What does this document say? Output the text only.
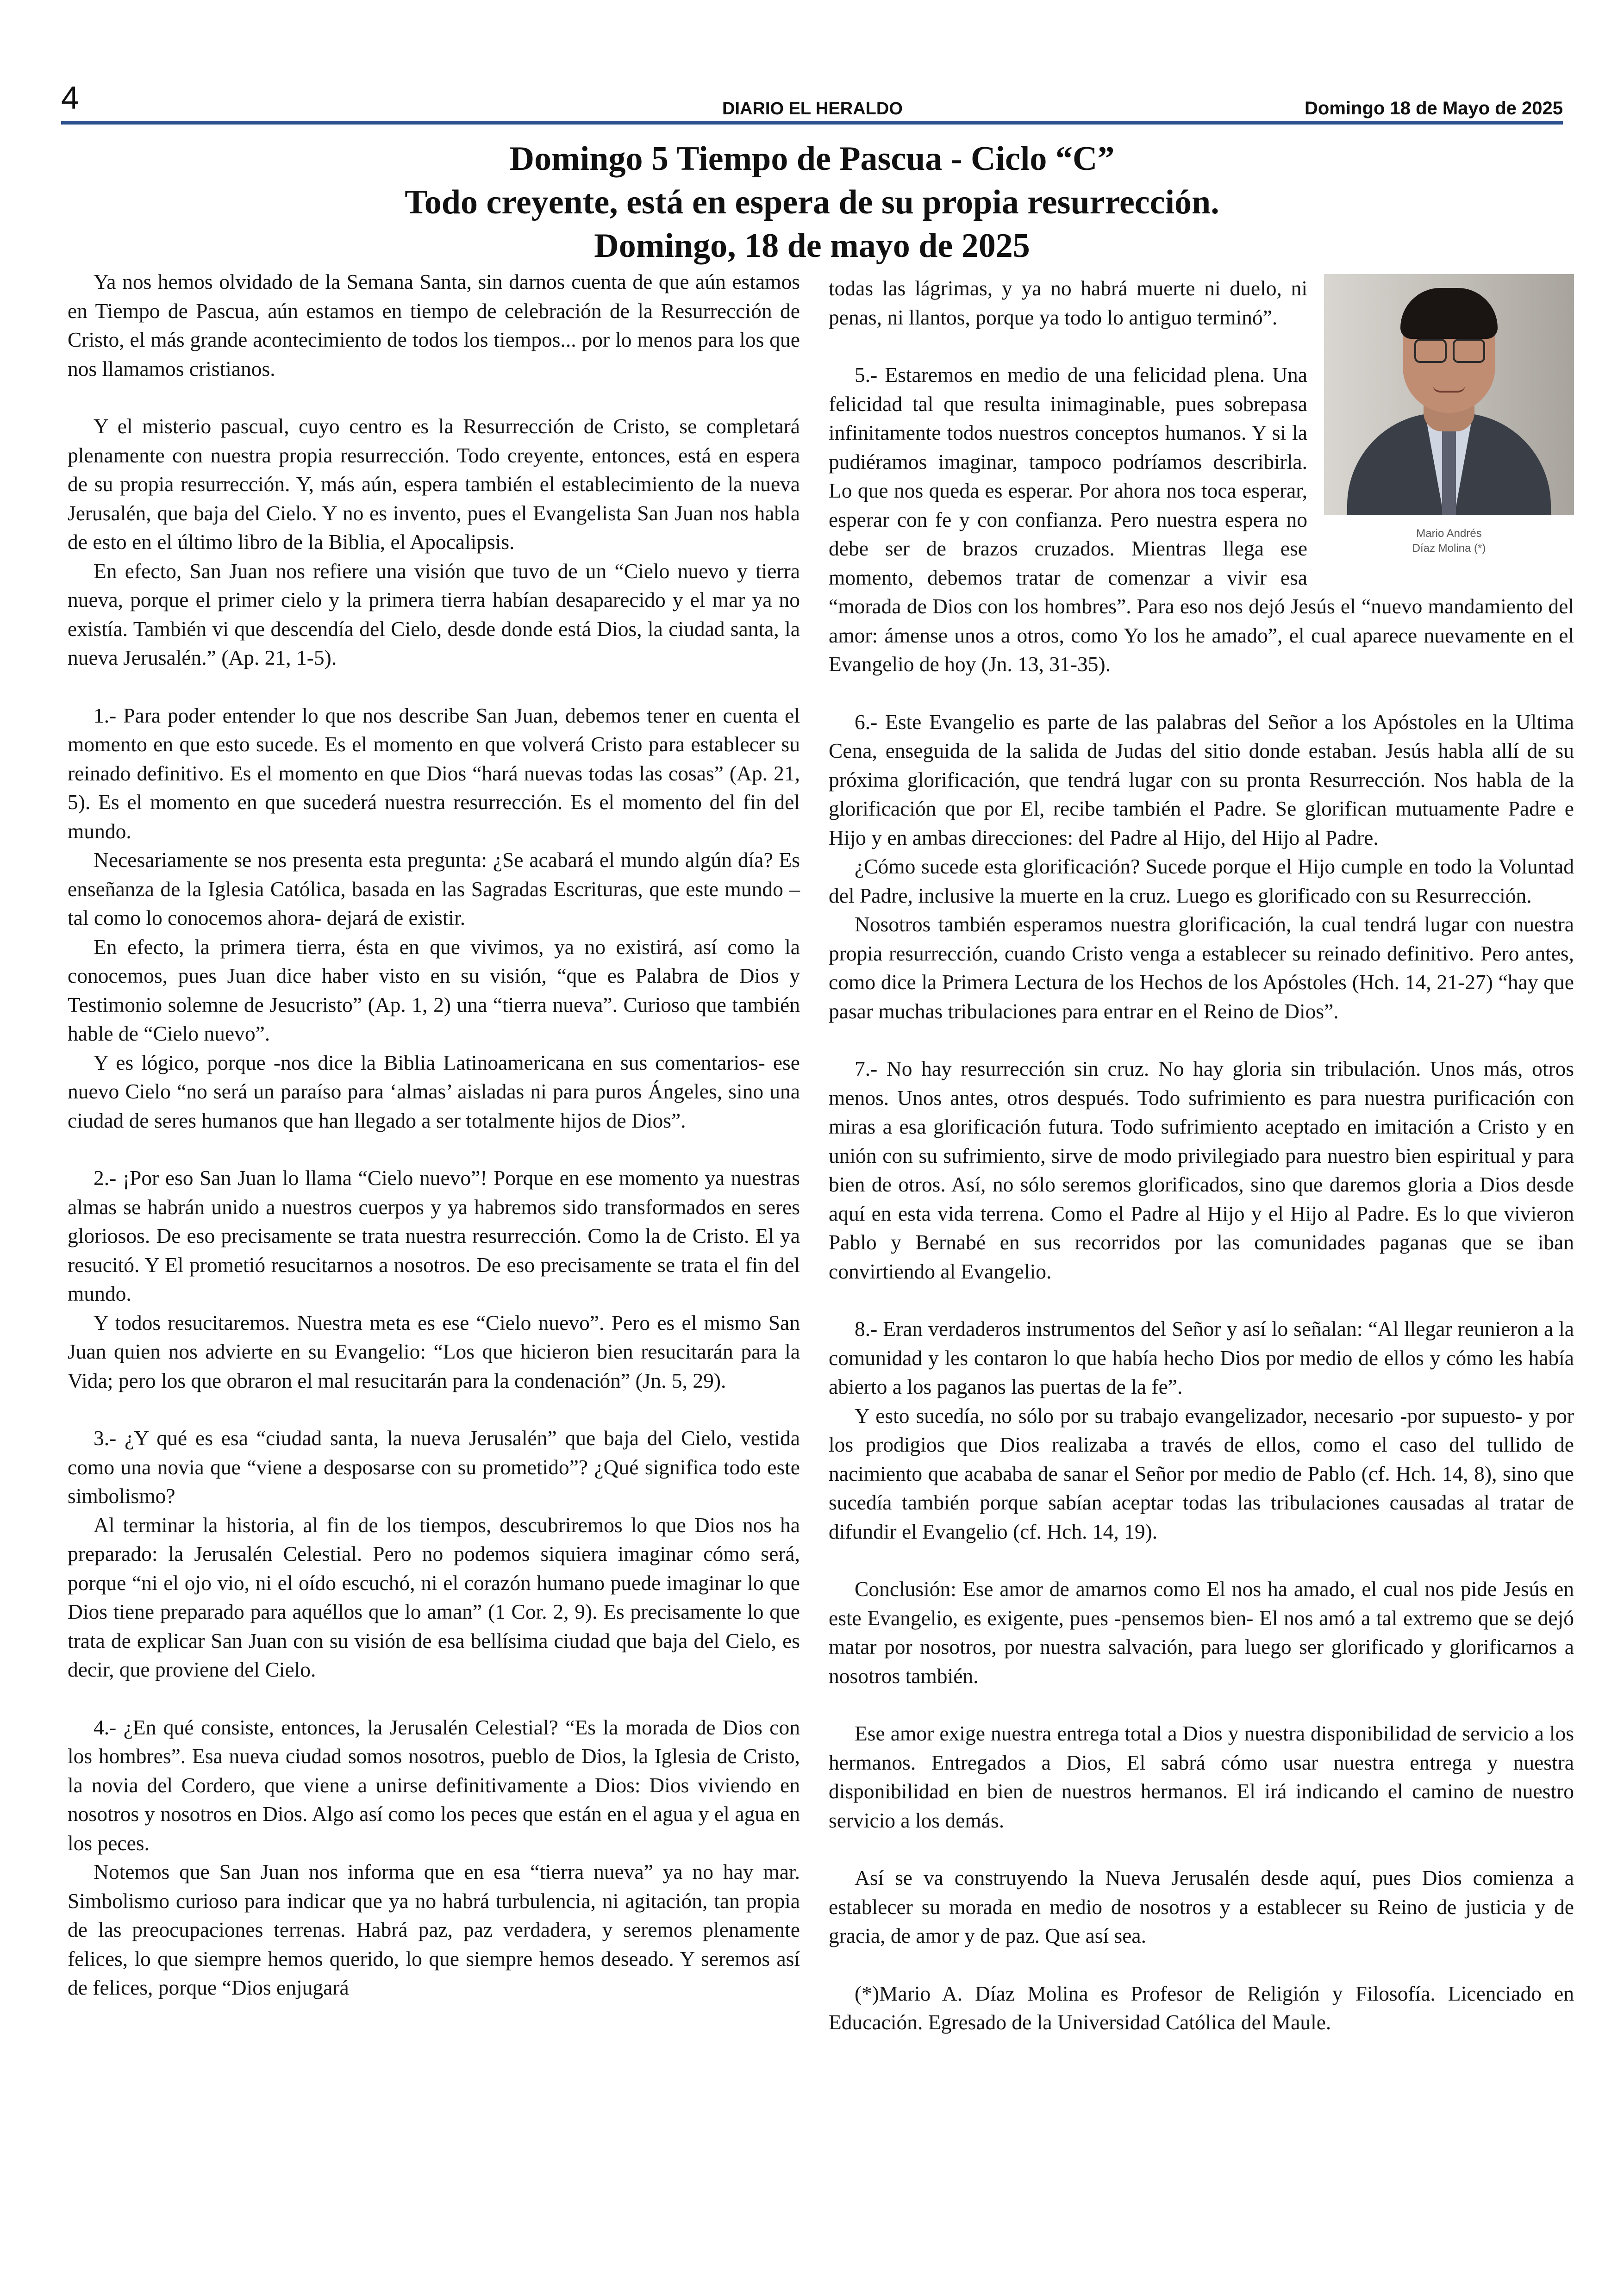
4	DIARIO EL HERALDO	Domingo 18 de Mayo de 2025
Domingo 5 Tiempo de Pascua - Ciclo “C”
Todo creyente, está en espera de su propia resurrección.
Domingo, 18 de mayo de 2025

Ya nos hemos olvidado de la Semana Santa, sin darnos cuenta de que aún estamos en Tiempo de Pascua, aún estamos en tiempo de celebración de la Resurrección de Cristo, el más grande acontecimiento de todos los tiempos... por lo menos para los que nos llamamos cristianos.

Y el misterio pascual, cuyo centro es la Resurrección de Cristo, se completará plenamente con nuestra propia resurrección. Todo creyente, entonces, está en espera de su propia resurrección. Y, más aún, espera también el establecimiento de la nueva Jerusalén, que baja del Cielo. Y no es invento, pues el Evangelista San Juan nos habla de esto en el último libro de la Biblia, el Apocalipsis.

En efecto, San Juan nos refiere una visión que tuvo de un “Cielo nuevo y tierra nueva, porque el primer cielo y la primera tierra habían desaparecido y el mar ya no existía. También vi que descendía del Cielo, desde donde está Dios, la ciudad santa, la nueva Jerusalén.” (Ap. 21, 1-5).

1.- Para poder entender lo que nos describe San Juan, debemos tener en cuenta el momento en que esto sucede. Es el momento en que volverá Cristo para establecer su reinado definitivo. Es el momento en que Dios “hará nuevas todas las cosas” (Ap. 21, 5). Es el momento en que sucederá nuestra resurrección. Es el momento del fin del mundo.

Necesariamente se nos presenta esta pregunta: ¿Se acabará el mundo algún día? Es enseñanza de la Iglesia Católica, basada en las Sagradas Escrituras, que este mundo –tal como lo conocemos ahora- dejará de existir.

En efecto, la primera tierra, ésta en que vivimos, ya no existirá, así como la conocemos, pues Juan dice haber visto en su visión, “que es Palabra de Dios y Testimonio solemne de Jesucristo” (Ap. 1, 2) una “tierra nueva”. Curioso que también hable de “Cielo nuevo”.

Y es lógico, porque -nos dice la Biblia Latinoamericana en sus comentarios- ese nuevo Cielo “no será un paraíso para ‘almas’ aisladas ni para puros Ángeles, sino una ciudad de seres humanos que han llegado a ser totalmente hijos de Dios”.

2.- ¡Por eso San Juan lo llama “Cielo nuevo”! Porque en ese momento ya nuestras almas se habrán unido a nuestros cuerpos y ya habremos sido transformados en seres gloriosos. De eso precisamente se trata nuestra resurrección. Como la de Cristo. El ya resucitó. Y El prometió resucitarnos a nosotros. De eso precisamente se trata el fin del mundo.

Y todos resucitaremos. Nuestra meta es ese “Cielo nuevo”. Pero es el mismo San Juan quien nos advierte en su Evangelio: “Los que hicieron bien resucitarán para la Vida; pero los que obraron el mal resucitarán para la condenación” (Jn. 5, 29).

3.- ¿Y qué es esa “ciudad santa, la nueva Jerusalén” que baja del Cielo, vestida como una novia que “viene a desposarse con su prometido”? ¿Qué significa todo este simbolismo?

Al terminar la historia, al fin de los tiempos, descubriremos lo que Dios nos ha preparado: la Jerusalén Celestial. Pero no podemos siquiera imaginar cómo será, porque “ni el ojo vio, ni el oído escuchó, ni el corazón humano puede imaginar lo que Dios tiene preparado para aquéllos que lo aman” (1 Cor. 2, 9). Es precisamente lo que trata de explicar San Juan con su visión de esa bellísima ciudad que baja del Cielo, es decir, que proviene del Cielo.

4.- ¿En qué consiste, entonces, la Jerusalén Celestial? “Es la morada de Dios con los hombres”. Esa nueva ciudad somos nosotros, pueblo de Dios, la Iglesia de Cristo, la novia del Cordero, que viene a unirse definitivamente a Dios: Dios viviendo en nosotros y nosotros en Dios. Algo así como los peces que están en el agua y el agua en los peces.

Notemos que San Juan nos informa que en esa “tierra nueva” ya no hay mar. Simbolismo curioso para indicar que ya no habrá turbulencia, ni agitación, tan propia de las preocupaciones terrenas. Habrá paz, paz verdadera, y seremos plenamente felices, lo que siempre hemos querido, lo que siempre hemos deseado. Y seremos así de felices, porque “Dios enjugará

Mario Andrés
Díaz Molina (*)

todas las lágrimas, y ya no habrá muerte ni duelo, ni penas, ni llantos, porque ya todo lo antiguo terminó”.

5.- Estaremos en medio de una felicidad plena. Una felicidad tal que resulta inimaginable, pues sobrepasa infinitamente todos nuestros conceptos humanos. Y si la pudiéramos imaginar, tampoco podríamos describirla. Lo que nos queda es esperar. Por ahora nos toca esperar, esperar con fe y con confianza. Pero nuestra espera no debe ser de brazos cruzados. Mientras llega ese momento, debemos tratar de comenzar a vivir esa “morada de Dios con los hombres”. Para eso nos dejó Jesús el “nuevo mandamiento del amor: ámense unos a otros, como Yo los he amado”, el cual aparece nuevamente en el Evangelio de hoy (Jn. 13, 31-35).

6.- Este Evangelio es parte de las palabras del Señor a los Apóstoles en la Ultima Cena, enseguida de la salida de Judas del sitio donde estaban. Jesús habla allí de su próxima glorificación, que tendrá lugar con su pronta Resurrección. Nos habla de la glorificación que por El, recibe también el Padre. Se glorifican mutuamente Padre e Hijo y en ambas direcciones: del Padre al Hijo, del Hijo al Padre.

¿Cómo sucede esta glorificación? Sucede porque el Hijo cumple en todo la Voluntad del Padre, inclusive la muerte en la cruz. Luego es glorificado con su Resurrección.

Nosotros también esperamos nuestra glorificación, la cual tendrá lugar con nuestra propia resurrección, cuando Cristo venga a establecer su reinado definitivo. Pero antes, como dice la Primera Lectura de los Hechos de los Apóstoles (Hch. 14, 21-27) “hay que pasar muchas tribulaciones para entrar en el Reino de Dios”.

7.- No hay resurrección sin cruz. No hay gloria sin tribulación. Unos más, otros menos. Unos antes, otros después. Todo sufrimiento es para nuestra purificación con miras a esa glorificación futura. Todo sufrimiento aceptado en imitación a Cristo y en unión con su sufrimiento, sirve de modo privilegiado para nuestro bien espiritual y para bien de otros. Así, no sólo seremos glorificados, sino que daremos gloria a Dios desde aquí en esta vida terrena. Como el Padre al Hijo y el Hijo al Padre. Es lo que vivieron Pablo y Bernabé en sus recorridos por las comunidades paganas que se iban convirtiendo al Evangelio.

8.- Eran verdaderos instrumentos del Señor y así lo señalan: “Al llegar reunieron a la comunidad y les contaron lo que había hecho Dios por medio de ellos y cómo les había abierto a los paganos las puertas de la fe”.

Y esto sucedía, no sólo por su trabajo evangelizador, necesario -por supuesto- y por los prodigios que Dios realizaba a través de ellos, como el caso del tullido de nacimiento que acababa de sanar el Señor por medio de Pablo (cf. Hch. 14, 8), sino que sucedía también porque sabían aceptar todas las tribulaciones causadas al tratar de difundir el Evangelio (cf. Hch. 14, 19).

Conclusión: Ese amor de amarnos como El nos ha amado, el cual nos pide Jesús en este Evangelio, es exigente, pues -pensemos bien- El nos amó a tal extremo que se dejó matar por nosotros, por nuestra salvación, para luego ser glorificado y glorificarnos a nosotros también.

Ese amor exige nuestra entrega total a Dios y nuestra disponibilidad de servicio a los hermanos. Entregados a Dios, El sabrá cómo usar nuestra entrega y nuestra disponibilidad en bien de nuestros hermanos. El irá indicando el camino de nuestro servicio a los demás.

Así se va construyendo la Nueva Jerusalén desde aquí, pues Dios comienza a establecer su morada en medio de nosotros y a establecer su Reino de justicia y de gracia, de amor y de paz. Que así sea.

(*)Mario A. Díaz Molina es Profesor de Religión y Filosofía. Licenciado en Educación. Egresado de la Universidad Católica del Maule.
